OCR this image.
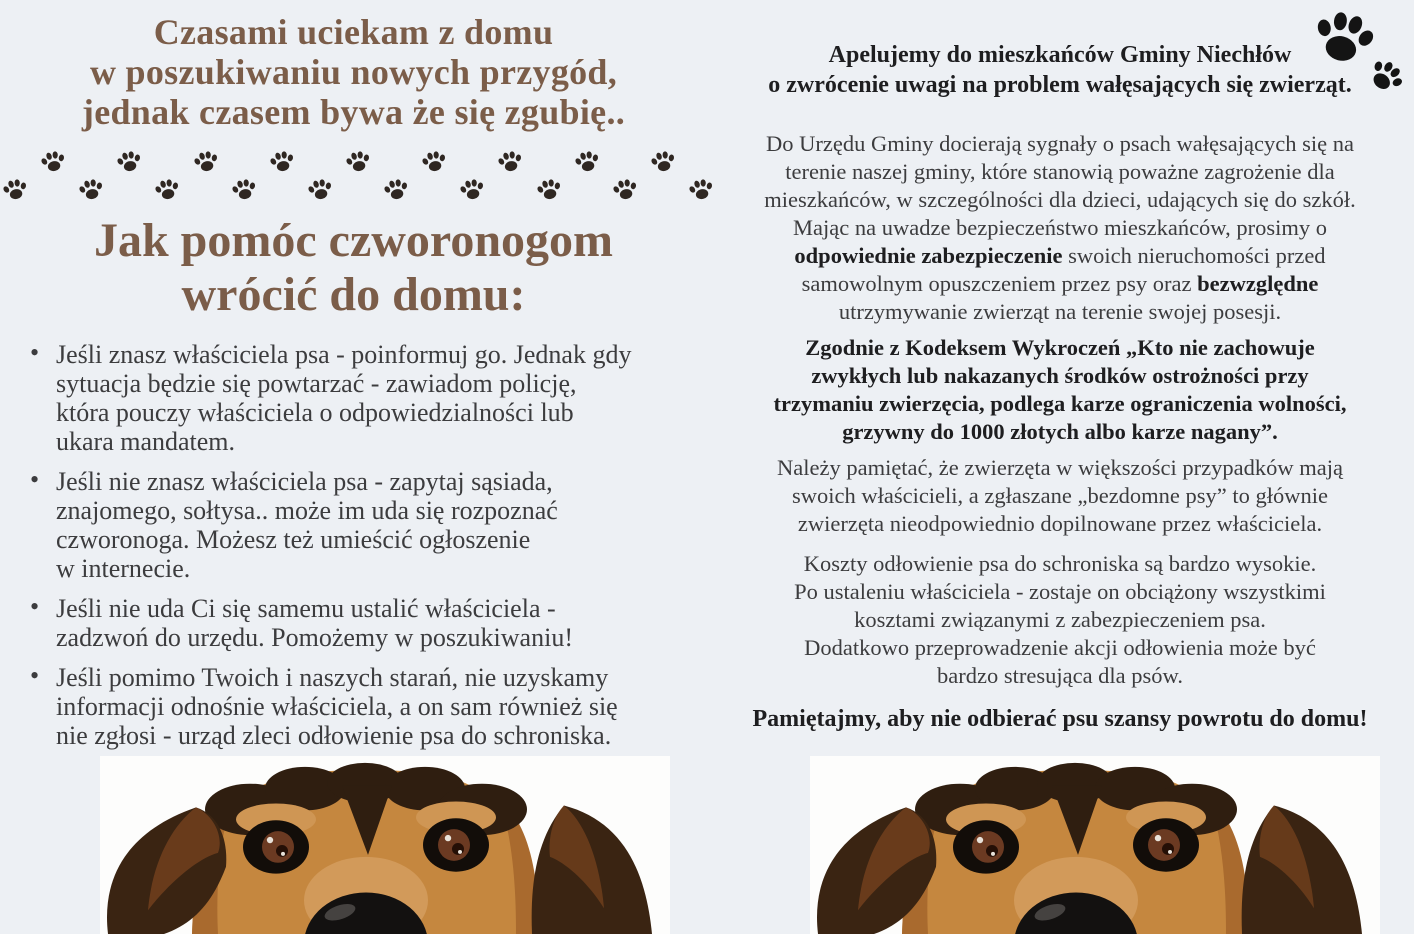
Czasami uciekam z domu
w poszukiwaniu nowych przygód,
jednak czasem bywa że się zgubię..
Jak pomóc czworonogom
wrócić do domu:
• Jeśli znasz właściciela psa - poinformuj go. Jednak gdy
sytuacja będzie się powtarzać - zawiadom policję,
która pouczy właściciela o odpowiedzialności lub
ukara mandatem.
• Jeśli nie znasz właściciela psa - zapytaj sąsiada,
znajomego, sołtysa.. może im uda się rozpoznać
czworonoga. Możesz też umieścić ogłoszenie
w internecie.
• Jeśli nie uda Ci się samemu ustalić właściciela -
zadzwoń do urzędu. Pomożemy w poszukiwaniu!
• Jeśli pomimo Twoich i naszych starań, nie uzyskamy
informacji odnośnie właściciela, a on sam również się
nie zgłosi - urząd zleci odłowienie psa do schroniska.
Apelujemy do mieszkańców Gminy Niechłów
o zwrócenie uwagi na problem wałęsających się zwierząt.

Do Urzędu Gminy docierają sygnały o psach wałęsających się na
terenie naszej gminy, które stanowią poważne zagrożenie dla
mieszkańców, w szczególności dla dzieci, udających się do szkół.
Mając na uwadze bezpieczeństwo mieszkańców, prosimy o
odpowiednie zabezpieczenie swoich nieruchomości przed
samowolnym opuszczeniem przez psy oraz bezwzględne
utrzymywanie zwierząt na terenie swojej posesji.

Zgodnie z Kodeksem Wykroczeń „Kto nie zachowuje
zwykłych lub nakazanych środków ostrożności przy
trzymaniu zwierzęcia, podlega karze ograniczenia wolności,
grzywny do 1000 złotych albo karze nagany”.

Należy pamiętać, że zwierzęta w większości przypadków mają
swoich właścicieli, a zgłaszane „bezdomne psy” to głównie
zwierzęta nieodpowiednio dopilnowane przez właściciela.

Koszty odłowienie psa do schroniska są bardzo wysokie.
Po ustaleniu właściciela - zostaje on obciążony wszystkimi
kosztami związanymi z zabezpieczeniem psa.
Dodatkowo przeprowadzenie akcji odłowienia może być
bardzo stresująca dla psów.

Pamiętajmy, aby nie odbierać psu szansy powrotu do domu!
